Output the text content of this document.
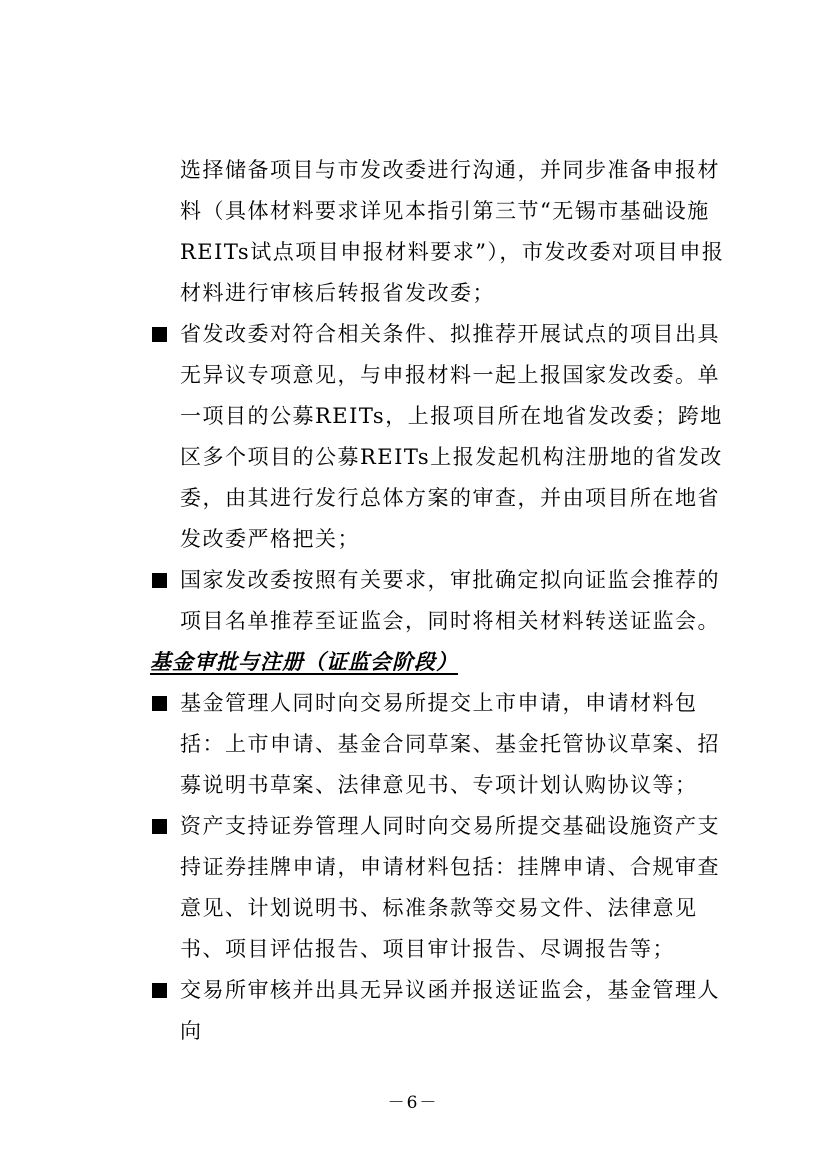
选择储备项目与市发改委进行沟通，并同步准备申报材料（具体材料要求详见本指引第三节“无锡市基础设施REITs试点项目申报材料要求”），市发改委对项目申报材料进行审核后转报省发改委；

省发改委对符合相关条件、拟推荐开展试点的项目出具无异议专项意见，与申报材料一起上报国家发改委。单一项目的公募REITs，上报项目所在地省发改委；跨地区多个项目的公募REITs上报发起机构注册地的省发改委，由其进行发行总体方案的审查，并由项目所在地省发改委严格把关；
国家发改委按照有关要求，审批确定拟向证监会推荐的项目名单推荐至证监会，同时将相关材料转送证监会。

基金审批与注册（证监会阶段）

基金管理人同时向交易所提交上市申请，申请材料包括：上市申请、基金合同草案、基金托管协议草案、招募说明书草案、法律意见书、专项计划认购协议等；
资产支持证券管理人同时向交易所提交基础设施资产支持证券挂牌申请，申请材料包括：挂牌申请、合规审查意见、计划说明书、标准条款等交易文件、法律意见书、项目评估报告、项目审计报告、尽调报告等；
交易所审核并出具无异议函并报送证监会，基金管理人向
－6－
